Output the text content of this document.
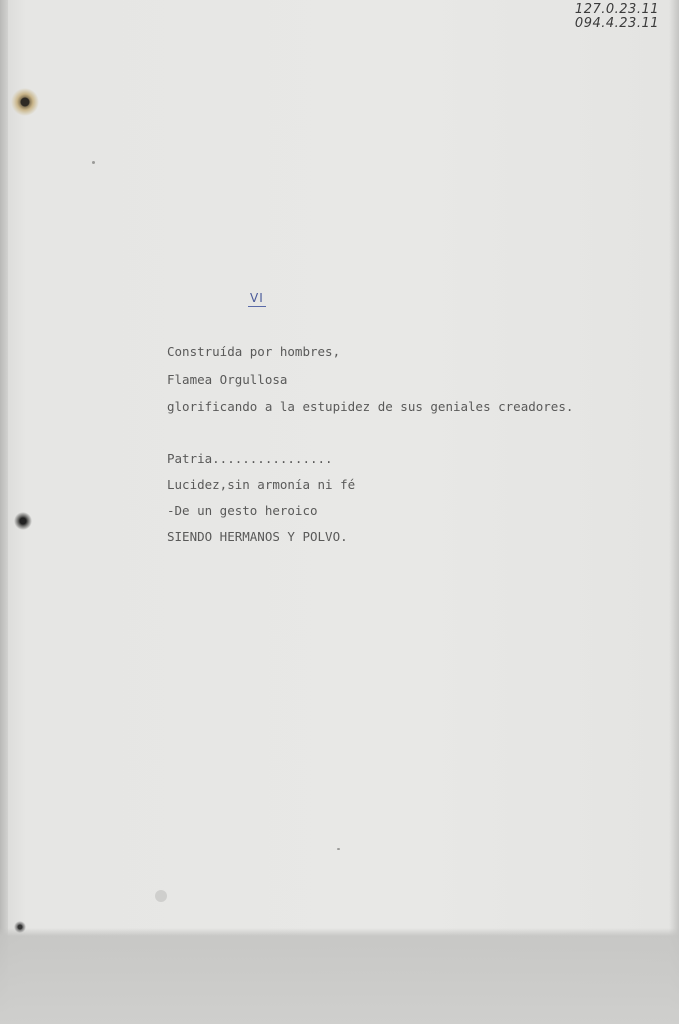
127.0.23.11
094.4.23.11
VI

Construída por hombres,

Flamea Orgullosa

glorificando a la estupidez de sus geniales creadores.

Patria................

Lucidez,sin armonía ni fé

-De un gesto heroico

SIENDO HERMANOS Y POLVO.
